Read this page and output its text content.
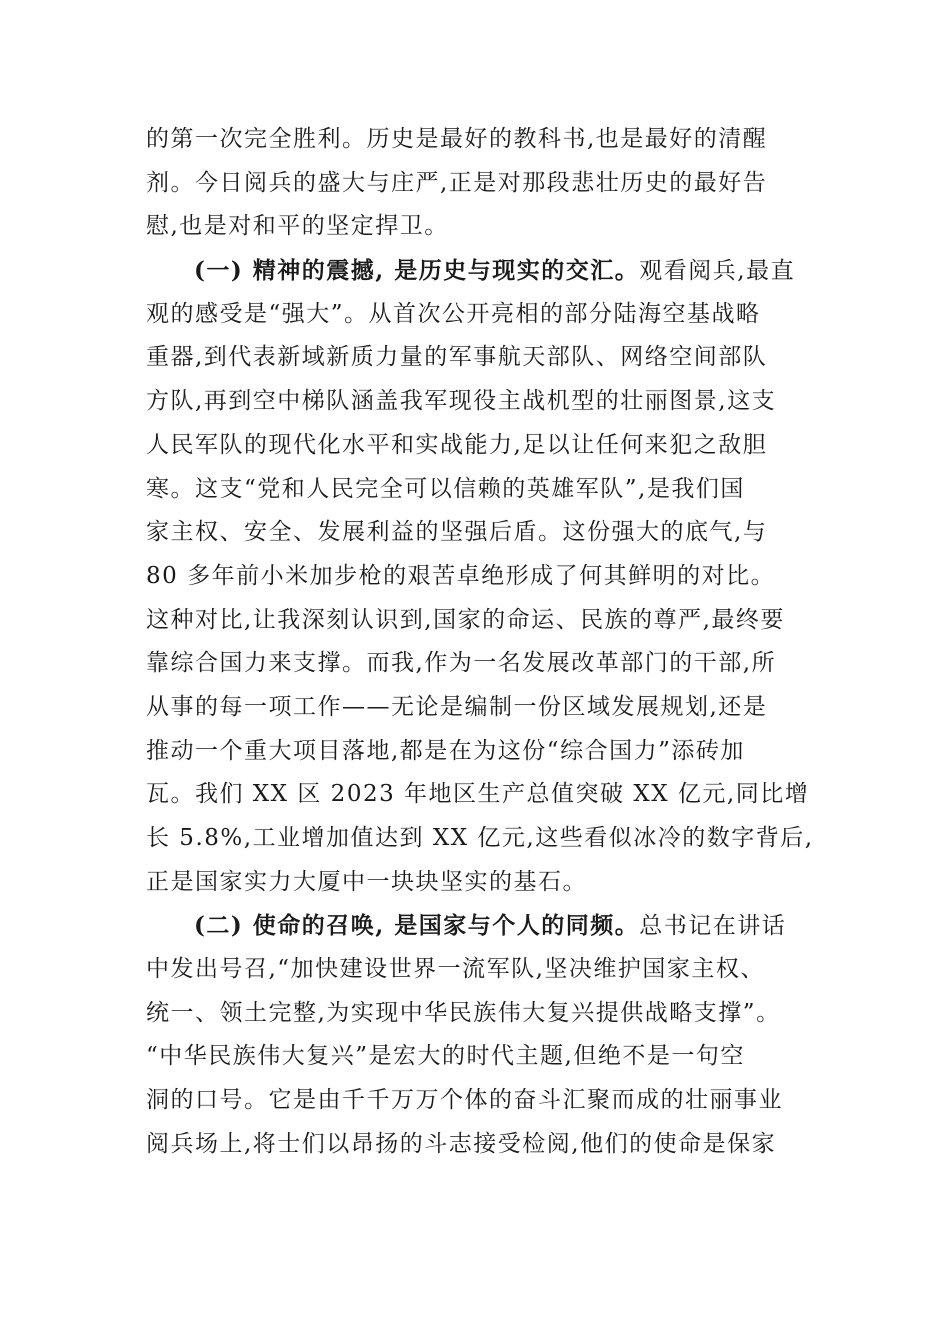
的第一次完全胜利。历史是最好的教科书,也是最好的清醒
剂。今日阅兵的盛大与庄严,正是对那段悲壮历史的最好告
慰,也是对和平的坚定捍卫。
(一) 精神的震撼, 是历史与现实的交汇。观看阅兵,最直
观的感受是“强大”。从首次公开亮相的部分陆海空基战略
重器,到代表新域新质力量的军事航天部队、网络空间部队
方队,再到空中梯队涵盖我军现役主战机型的壮丽图景,这支
人民军队的现代化水平和实战能力,足以让任何来犯之敌胆
寒。这支“党和人民完全可以信赖的英雄军队”,是我们国
家主权、安全、发展利益的坚强后盾。这份强大的底气,与
80 多年前小米加步枪的艰苦卓绝形成了何其鲜明的对比。
这种对比,让我深刻认识到,国家的命运、民族的尊严,最终要
靠综合国力来支撑。而我,作为一名发展改革部门的干部,所
从事的每一项工作——无论是编制一份区域发展规划,还是
推动一个重大项目落地,都是在为这份“综合国力”添砖加
瓦。我们 XX 区 2023 年地区生产总值突破 XX 亿元,同比增
长 5.8%,工业增加值达到 XX 亿元,这些看似冰冷的数字背后,
正是国家实力大厦中一块块坚实的基石。
(二) 使命的召唤, 是国家与个人的同频。总书记在讲话
中发出号召,“加快建设世界一流军队,坚决维护国家主权、
统一、领土完整,为实现中华民族伟大复兴提供战略支撑”。
“中华民族伟大复兴”是宏大的时代主题,但绝不是一句空
洞的口号。它是由千千万万个体的奋斗汇聚而成的壮丽事业
阅兵场上,将士们以昂扬的斗志接受检阅,他们的使命是保家
